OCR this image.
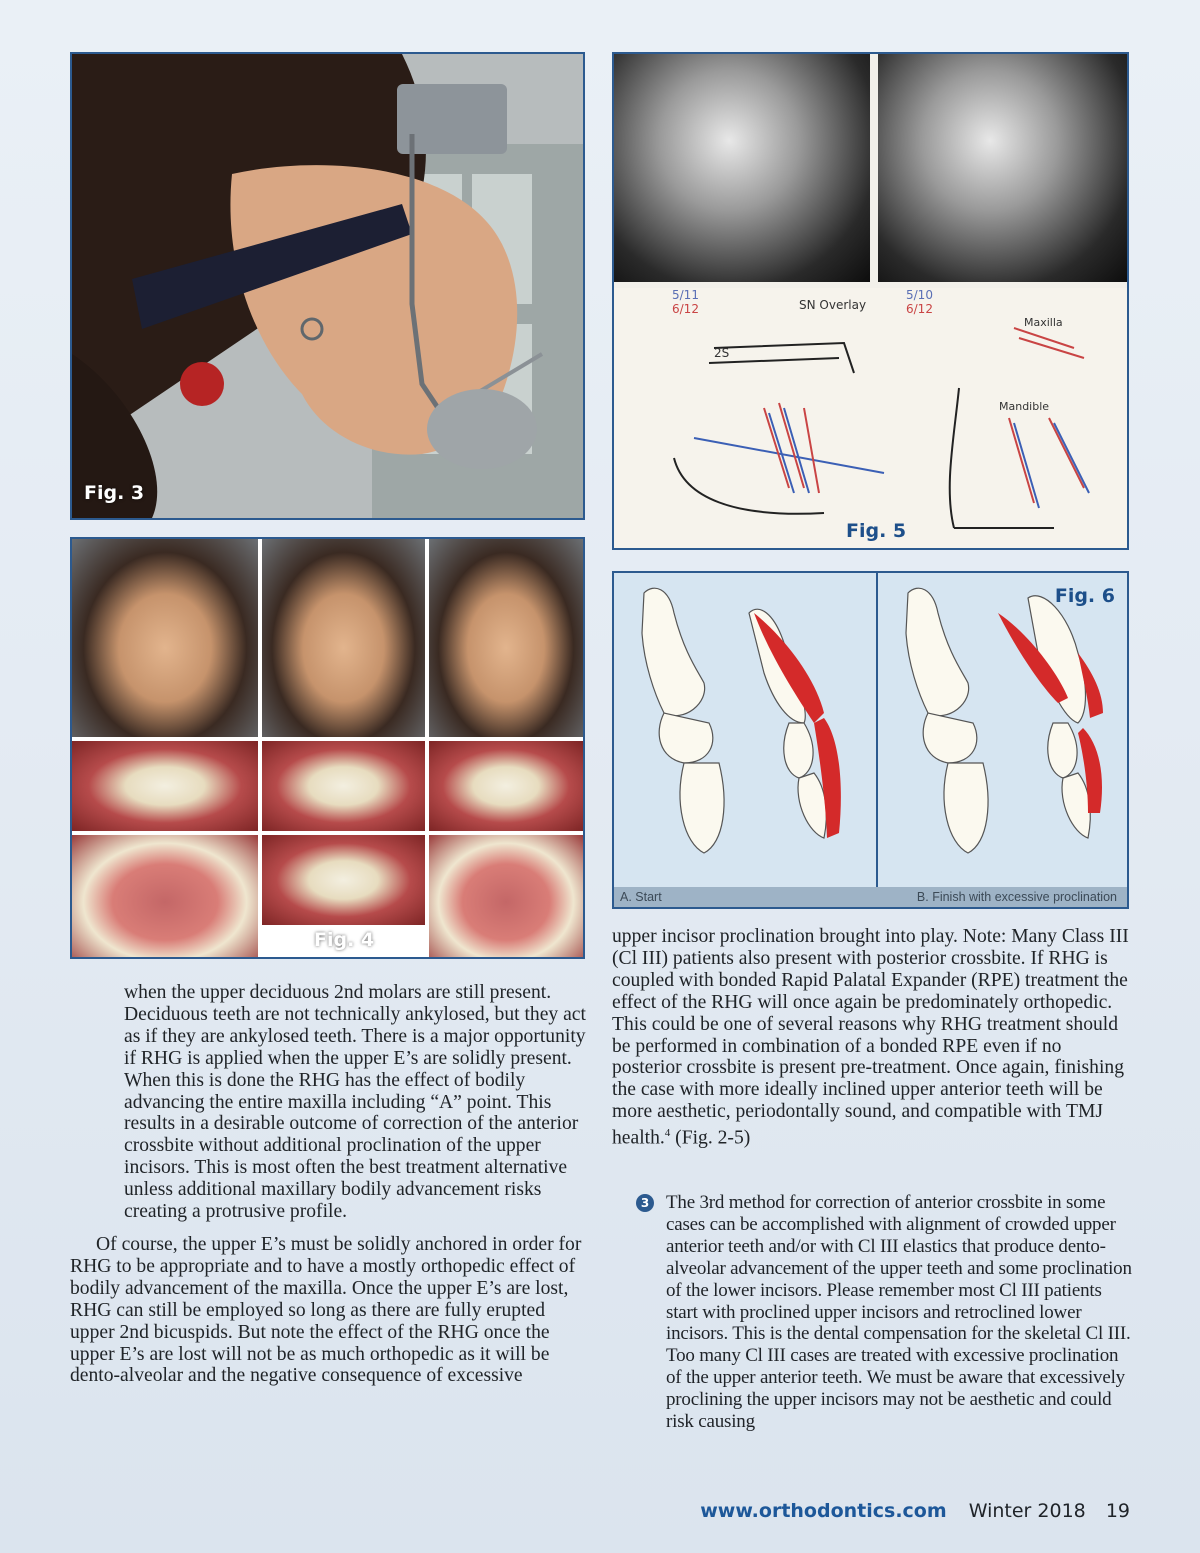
Fig. 3
Fig. 4
5/11
6/12	SN Overlay
2S
5/10
6/12
Maxilla
Mandible
Fig. 5
A. Start	B. Finish with excessive proclination
Fig. 6

when the upper deciduous 2nd molars are still present. Deciduous teeth are not technically ankylosed, but they act as if they are ankylosed teeth. There is a major opportunity if RHG is applied when the upper E’s are solidly present. When this is done the RHG has the effect of bodily advancing the entire maxilla including “A” point. This results in a desirable outcome of correction of the anterior crossbite without additional proclination of the upper incisors. This is most often the best treatment alternative unless additional maxillary bodily advancement risks creating a protrusive profile.

Of course, the upper E’s must be solidly anchored in order for RHG to be appropriate and to have a mostly orthopedic effect of bodily advancement of the maxilla. Once the upper E’s are lost, RHG can still be employed so long as there are fully erupted upper 2nd bicuspids. But note the effect of the RHG once the upper E’s are lost will not be as much orthopedic as it will be dento-alveolar and the negative consequence of excessive

upper incisor proclination brought into play. Note: Many Class III (Cl III) patients also present with posterior crossbite. If RHG is coupled with bonded Rapid Palatal Expander (RPE) treatment the effect of the RHG will once again be predominately orthopedic. This could be one of several reasons why RHG treatment should be performed in combination of a bonded RPE even if no posterior crossbite is present pre-treatment. Once again, finishing the case with more ideally inclined upper anterior teeth will be more aesthetic, periodontally sound, and compatible with TMJ health.$^4$ (Fig. 2-5)

3 The 3rd method for correction of anterior crossbite in some cases can be accomplished with alignment of crowded upper anterior teeth and/or with Cl III elastics that produce dento-alveolar advancement of the upper teeth and some proclination of the lower incisors. Please remember most Cl III patients start with proclined upper incisors and retroclined lower incisors. This is the dental compensation for the skeletal Cl III. Too many Cl III cases are treated with excessive proclination of the upper anterior teeth. We must be aware that excessively proclining the upper incisors may not be aesthetic and could risk causing

www.orthodontics.com Winter 2018 19
